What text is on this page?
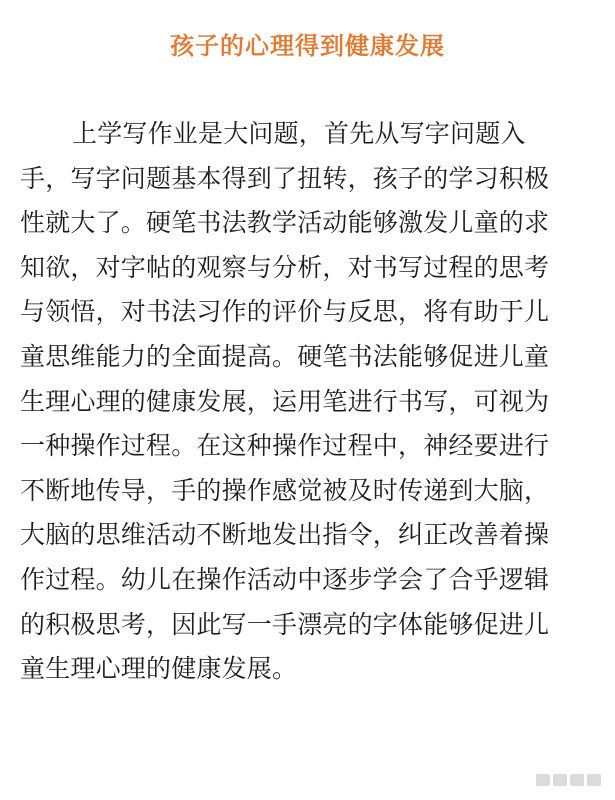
孩子的心理得到健康发展
上学写作业是大问题，首先从写字问题入
手，写字问题基本得到了扭转，孩子的学习积极
性就大了。硬笔书法教学活动能够激发儿童的求
知欲，对字帖的观察与分析，对书写过程的思考
与领悟，对书法习作的评价与反思，将有助于儿
童思维能力的全面提高。硬笔书法能够促进儿童
生理心理的健康发展，运用笔进行书写，可视为
一种操作过程。在这种操作过程中，神经要进行
不断地传导，手的操作感觉被及时传递到大脑，
大脑的思维活动不断地发出指令，纠正改善着操
作过程。幼儿在操作活动中逐步学会了合乎逻辑
的积极思考，因此写一手漂亮的字体能够促进儿
童生理心理的健康发展。
